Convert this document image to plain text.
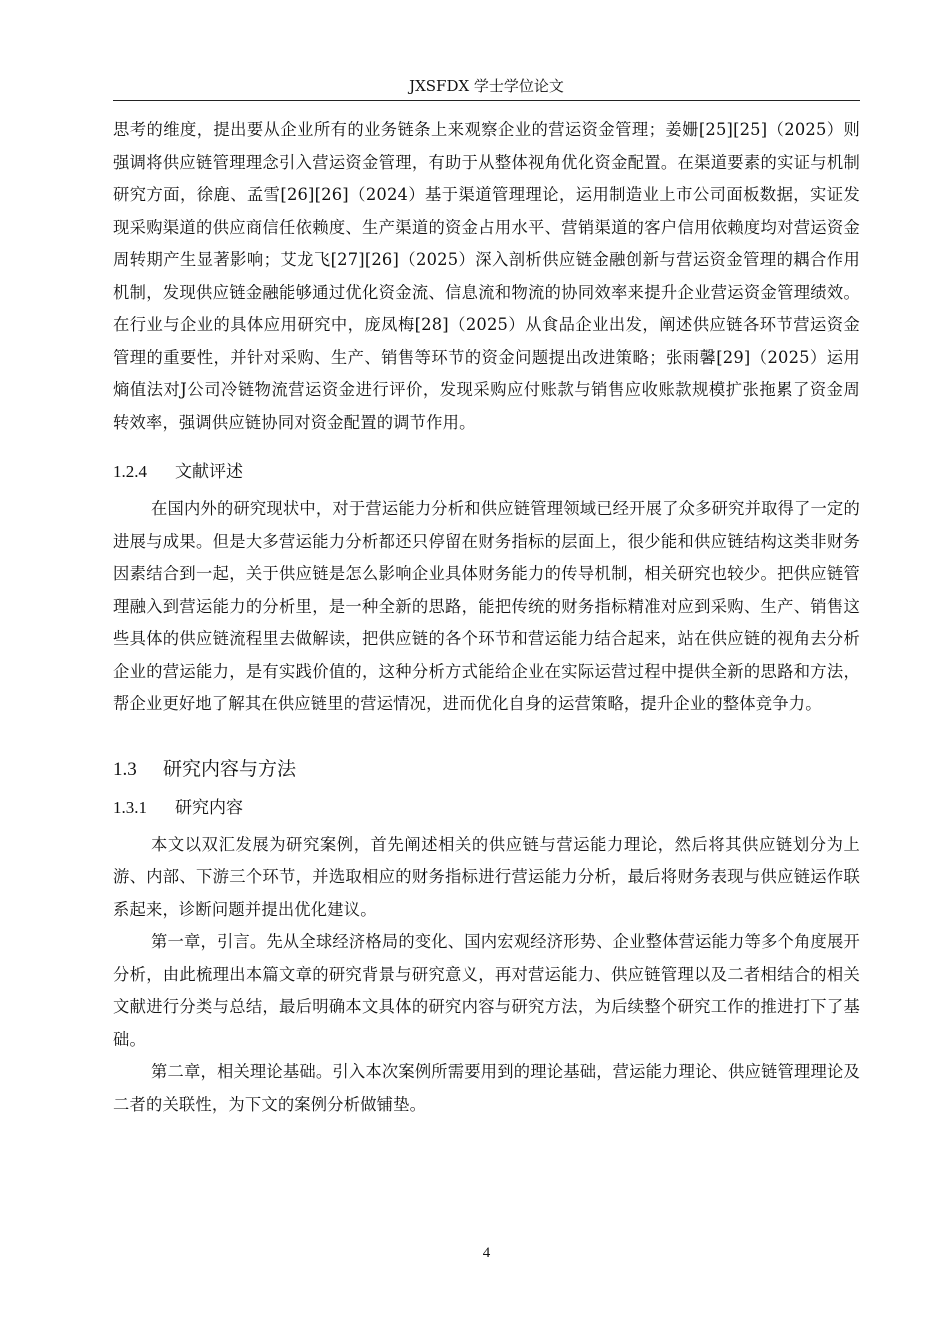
JXSFDX 学士学位论文

思考的维度，提出要从企业所有的业务链条上来观察企业的营运资金管理；姜姗[25][25]（2025）则强调将供应链管理理念引入营运资金管理，有助于从整体视角优化资金配置。在渠道要素的实证与机制研究方面，徐鹿、孟雪[26][26]（2024）基于渠道管理理论，运用制造业上市公司面板数据，实证发现采购渠道的供应商信任依赖度、生产渠道的资金占用水平、营销渠道的客户信用依赖度均对营运资金周转期产生显著影响；艾龙飞[27][26]（2025）深入剖析供应链金融创新与营运资金管理的耦合作用机制，发现供应链金融能够通过优化资金流、信息流和物流的协同效率来提升企业营运资金管理绩效。在行业与企业的具体应用研究中，庞凤梅[28]（2025）从食品企业出发，阐述供应链各环节营运资金管理的重要性，并针对采购、生产、销售等环节的资金问题提出改进策略；张雨馨[29]（2025）运用熵值法对J公司冷链物流营运资金进行评价，发现采购应付账款与销售应收账款规模扩张拖累了资金周转效率，强调供应链协同对资金配置的调节作用。

1.2.4 文献评述

在国内外的研究现状中，对于营运能力分析和供应链管理领域已经开展了众多研究并取得了一定的进展与成果。但是大多营运能力分析都还只停留在财务指标的层面上，很少能和供应链结构这类非财务因素结合到一起，关于供应链是怎么影响企业具体财务能力的传导机制，相关研究也较少。把供应链管理融入到营运能力的分析里，是一种全新的思路，能把传统的财务指标精准对应到采购、生产、销售这些具体的供应链流程里去做解读，把供应链的各个环节和营运能力结合起来，站在供应链的视角去分析企业的营运能力，是有实践价值的，这种分析方式能给企业在实际运营过程中提供全新的思路和方法，帮企业更好地了解其在供应链里的营运情况，进而优化自身的运营策略，提升企业的整体竞争力。

1.3 研究内容与方法
1.3.1 研究内容

本文以双汇发展为研究案例，首先阐述相关的供应链与营运能力理论，然后将其供应链划分为上游、内部、下游三个环节，并选取相应的财务指标进行营运能力分析，最后将财务表现与供应链运作联系起来，诊断问题并提出优化建议。

第一章，引言。先从全球经济格局的变化、国内宏观经济形势、企业整体营运能力等多个角度展开分析，由此梳理出本篇文章的研究背景与研究意义，再对营运能力、供应链管理以及二者相结合的相关文献进行分类与总结，最后明确本文具体的研究内容与研究方法，为后续整个研究工作的推进打下了基础。

第二章，相关理论基础。引入本次案例所需要用到的理论基础，营运能力理论、供应链管理理论及二者的关联性，为下文的案例分析做铺垫。

4
